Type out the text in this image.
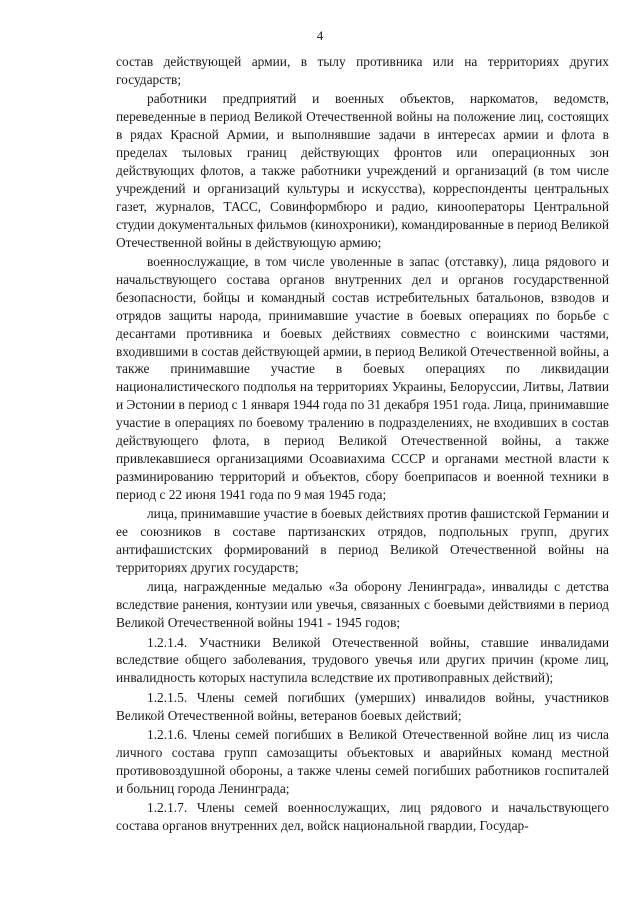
4

состав действующей армии, в тылу противника или на территориях других государств;

работники предприятий и военных объектов, наркоматов, ведомств, переведенные в период Великой Отечественной войны на положение лиц, состоящих в рядах Красной Армии, и выполнявшие задачи в интересах армии и флота в пределах тыловых границ действующих фронтов или операционных зон действующих флотов, а также работники учреждений и организаций (в том числе учреждений и организаций культуры и искусства), корреспонденты центральных газет, журналов, ТАСС, Совинформбюро и радио, кинооператоры Центральной студии документальных фильмов (кинохроники), командированные в период Великой Отечественной войны в действующую армию;

военнослужащие, в том числе уволенные в запас (отставку), лица рядового и начальствующего состава органов внутренних дел и органов государственной безопасности, бойцы и командный состав истребительных батальонов, взводов и отрядов защиты народа, принимавшие участие в боевых операциях по борьбе с десантами противника и боевых действиях совместно с воинскими частями, входившими в состав действующей армии, в период Великой Отечественной войны, а также принимавшие участие в боевых операциях по ликвидации националистического подполья на территориях Украины, Белоруссии, Литвы, Латвии и Эстонии в период с 1 января 1944 года по 31 декабря 1951 года. Лица, принимавшие участие в операциях по боевому тралению в подразделениях, не входивших в состав действующего флота, в период Великой Отечественной войны, а также привлекавшиеся организациями Осоавиахима СССР и органами местной власти к разминированию территорий и объектов, сбору боеприпасов и военной техники в период с 22 июня 1941 года по 9 мая 1945 года;

лица, принимавшие участие в боевых действиях против фашистской Германии и ее союзников в составе партизанских отрядов, подпольных групп, других антифашистских формирований в период Великой Отечественной войны на территориях других государств;

лица, награжденные медалью «За оборону Ленинграда», инвалиды с детства вследствие ранения, контузии или увечья, связанных с боевыми действиями в период Великой Отечественной войны 1941 - 1945 годов;

1.2.1.4. Участники Великой Отечественной войны, ставшие инвалидами вследствие общего заболевания, трудового увечья или других причин (кроме лиц, инвалидность которых наступила вследствие их противоправных действий);

1.2.1.5. Члены семей погибших (умерших) инвалидов войны, участников Великой Отечественной войны, ветеранов боевых действий;

1.2.1.6. Члены семей погибших в Великой Отечественной войне лиц из числа личного состава групп самозащиты объектовых и аварийных команд местной противовоздушной обороны, а также члены семей погибших работников госпиталей и больниц города Ленинграда;

1.2.1.7. Члены семей военнослужащих, лиц рядового и начальствующего состава органов внутренних дел, войск национальной гвардии, Государ-
